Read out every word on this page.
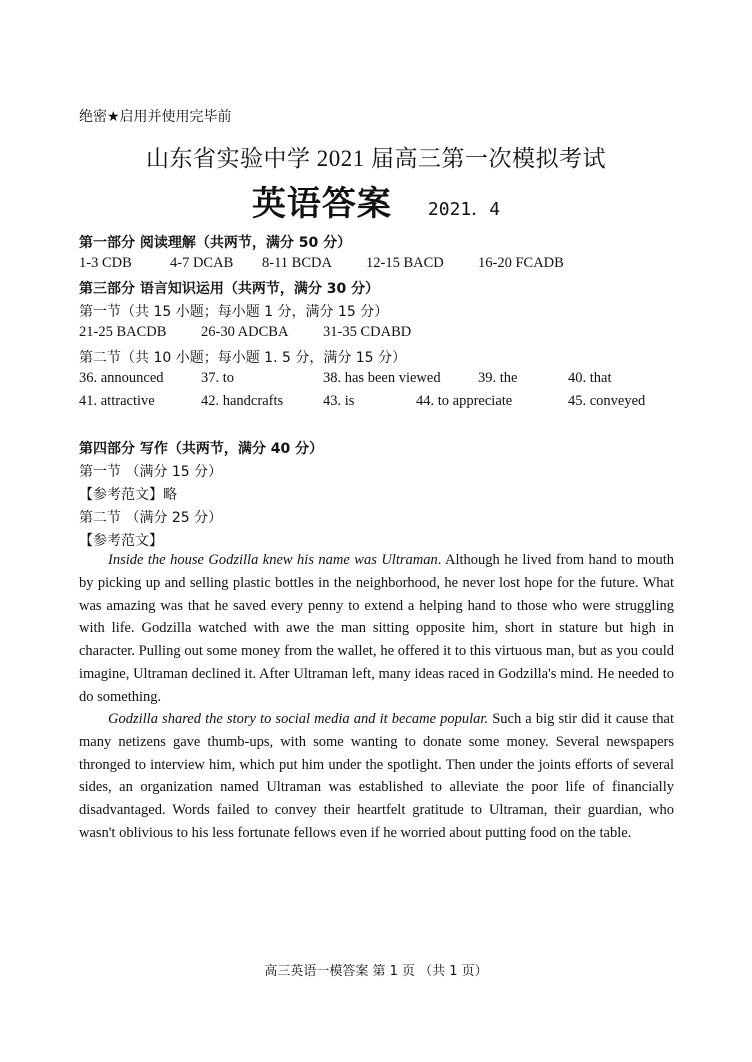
绝密★启用并使用完毕前
山东省实验中学 2021 届高三第一次模拟考试
英语答案 2021．4
第一部分 阅读理解（共两节，满分 50 分）
1-3 CDB	4-7 DCAB 8-11 BCDA 12-15 BACD 16-20 FCADB
第三部分 语言知识运用（共两节，满分 30 分）
第一节（共 15 小题；每小题 1 分，满分 15 分）
21-25 BACDB 26-30 ADCBA 31-35 CDABD
第二节（共 10 小题；每小题 1. 5 分，满分 15 分）
36. announced	37. to	38. has been viewed	39. the	40. that
41. attractive	42. handcrafts	43. is	44. to appreciate	45. conveyed
第四部分 写作（共两节，满分 40 分）
第一节 （满分 15 分）
【参考范文】略
第二节 （满分 25 分）
【参考范文】
Inside the house Godzilla knew his name was Ultraman. Although he lived from hand to mouth by picking up and selling plastic bottles in the neighborhood, he never lost hope for the future. What was amazing was that he saved every penny to extend a helping hand to those who were struggling with life. Godzilla watched with awe the man sitting opposite him, short in stature but high in character. Pulling out some money from the wallet, he offered it to this virtuous man, but as you could imagine, Ultraman declined it. After Ultraman left, many ideas raced in Godzilla's mind. He needed to do something.
Godzilla shared the story to social media and it became popular. Such a big stir did it cause that many netizens gave thumb-ups, with some wanting to donate some money. Several newspapers thronged to interview him, which put him under the spotlight. Then under the joints efforts of several sides, an organization named Ultraman was established to alleviate the poor life of financially disadvantaged. Words failed to convey their heartfelt gratitude to Ultraman, their guardian, who wasn't oblivious to his less fortunate fellows even if he worried about putting food on the table.
高三英语一模答案 第 1 页 （共 1 页）
